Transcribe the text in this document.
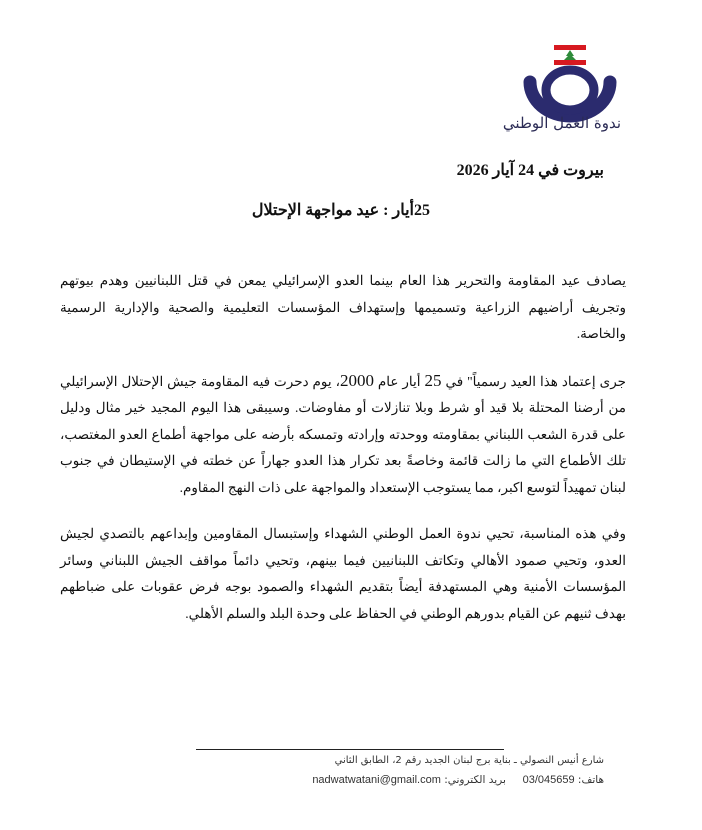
ندوة العمل الوطني
بيروت في 24 آيار 2026
25أيار : عيد مواجهة الإحتلال

يصادف عيد المقاومة والتحرير هذا العام بينما العدو الإسرائيلي يمعن في قتل اللبنانيين وهدم بيوتهم وتجريف أراضيهم الزراعية وتسميمها وإستهداف المؤسسات التعليمية والصحية والإدارية الرسمية والخاصة.

جرى إعتماد هذا العيد رسمياً" في 25 أيار عام 2000، يوم دحرت فيه المقاومة جيش الإحتلال الإسرائيلي من أرضنا المحتلة بلا قيد أو شرط وبلا تنازلات أو مفاوضات. وسيبقى هذا اليوم المجيد خير مثال ودليل على قدرة الشعب اللبناني بمقاومته ووحدته وإرادته وتمسكه بأرضه على مواجهة أطماع العدو المغتصب، تلك الأطماع التي ما زالت قائمة وخاصةً بعد تكرار هذا العدو جهاراً عن خطته في الإستيطان في جنوب لبنان تمهيداً لتوسع اكبر، مما يستوجب الإستعداد والمواجهة على ذات النهج المقاوم.

وفي هذه المناسبة، تحيي ندوة العمل الوطني الشهداء وإستبسال المقاومين وإبداعهم بالتصدي لجيش العدو، وتحيي صمود الأهالي وتكاتف اللبنانيين فيما بينهم، وتحيي دائماً مواقف الجيش اللبناني وسائر المؤسسات الأمنية وهي المستهدفة أيضاً بتقديم الشهداء والصمود بوجه فرض عقوبات على ضباطهم بهدف ثنيهم عن القيام بدورهم الوطني في الحفاظ على وحدة البلد والسلم الأهلي.

شارع أنيس النصولي ـ بناية برج لبنان الجديد رقم 2، الطابق الثاني
هاتف: 03/045659     بريد الكتروني: nadwatwatani@gmail.com
